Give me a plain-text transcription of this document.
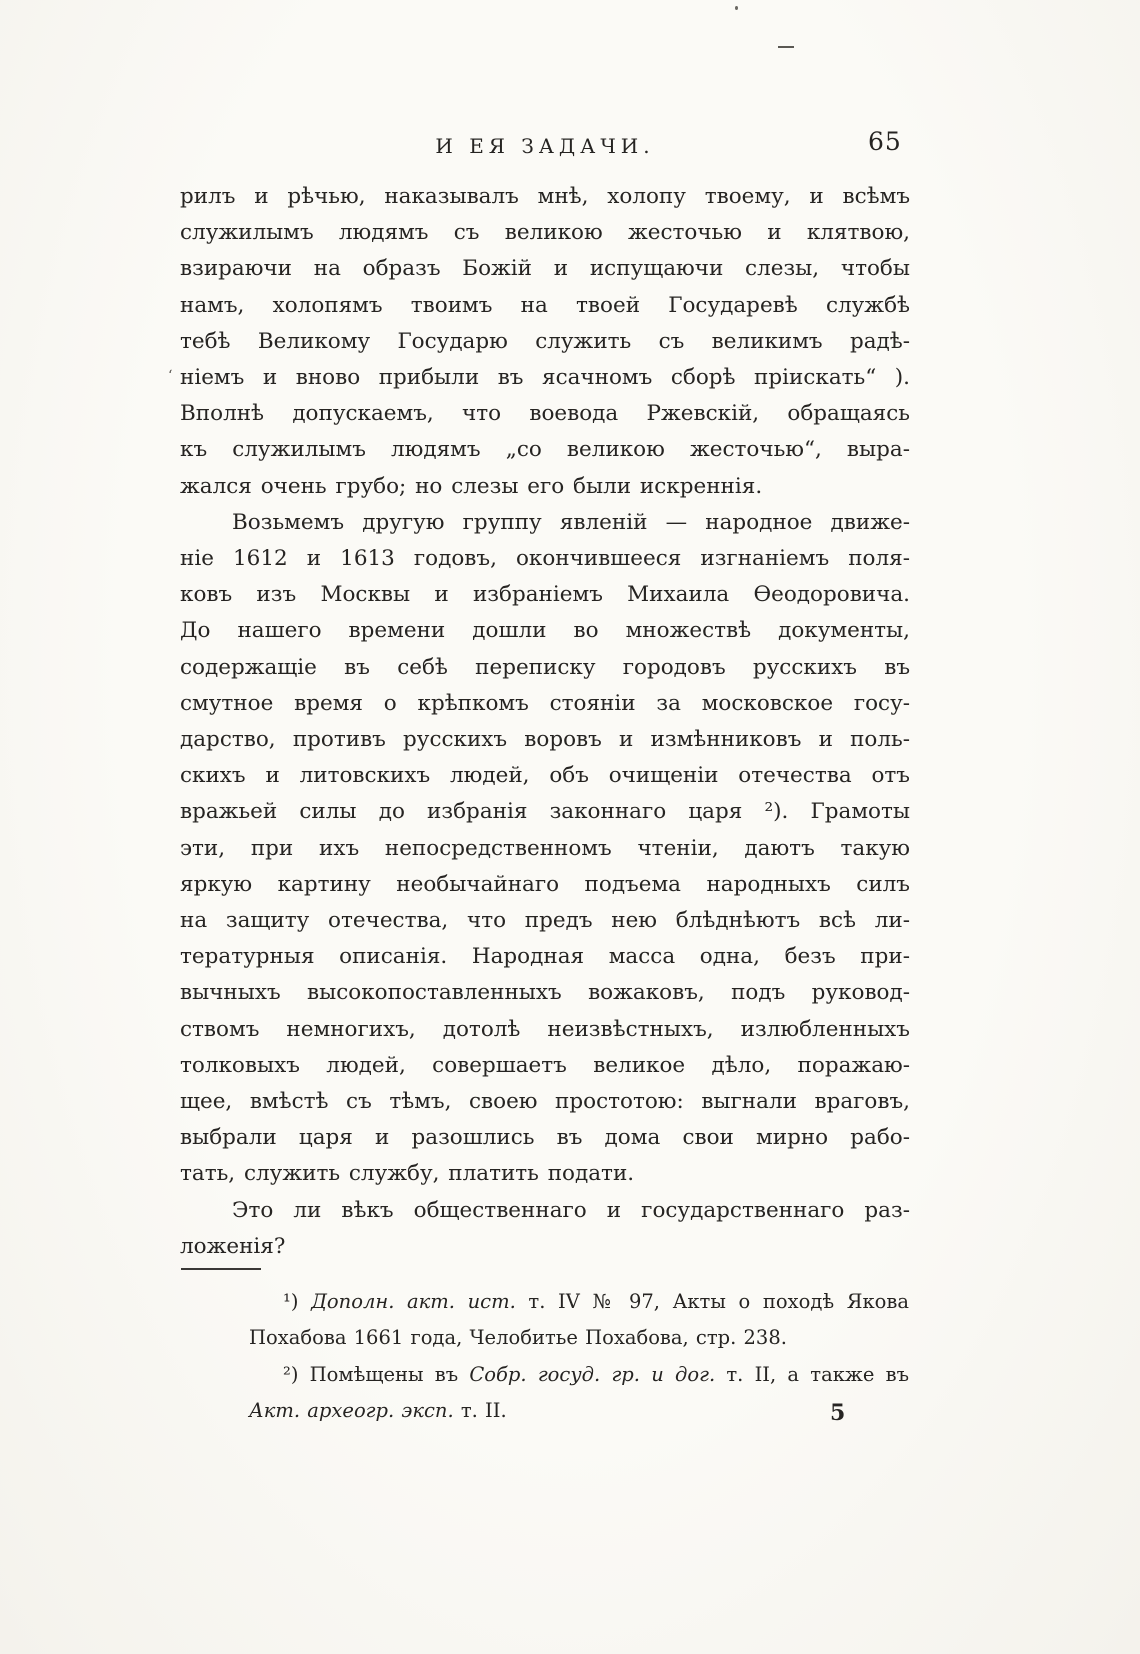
‘
И ЕЯ ЗАДАЧИ.	65
рилъ и рѣчью, наказывалъ мнѣ, холопу твоему, и всѣмъ
служилымъ людямъ съ великою жесточью и клятвою,
взираючи на образъ Божій и испущаючи слезы, чтобы
намъ, холопямъ твоимъ на твоей Государевѣ службѣ
тебѣ Великому Государю служить съ великимъ радѣ-
ніемъ и вново прибыли въ ясачномъ сборѣ пріискать“ ).
Вполнѣ допускаемъ, что воевода Ржевскій, обращаясь
къ служилымъ людямъ „со великою жесточью“, выра-
жался очень грубо; но слезы его были искреннія.
Возьмемъ другую группу явленій — народное движе-
ніе 1612 и 1613 годовъ, окончившееся изгнаніемъ поля-
ковъ изъ Москвы и избраніемъ Михаила Ѳеодоровича.
До нашего времени дошли во множествѣ документы,
содержащіе въ себѣ переписку городовъ русскихъ въ
смутное время о крѣпкомъ стояніи за московское госу-
дарство, противъ русскихъ воровъ и измѣнниковъ и поль-
скихъ и литовскихъ людей, объ очищеніи отечества отъ
вражьей силы до избранія законнаго царя ²). Грамоты
эти, при ихъ непосредственномъ чтеніи, даютъ такую
яркую картину необычайнаго подъема народныхъ силъ
на защиту отечества, что предъ нею блѣднѣютъ всѣ ли-
тературныя описанія. Народная масса одна, безъ при-
вычныхъ высокопоставленныхъ вожаковъ, подъ руковод-
ствомъ немногихъ, дотолѣ неизвѣстныхъ, излюбленныхъ
толковыхъ людей, совершаетъ великое дѣло, поражаю-
щее, вмѣстѣ съ тѣмъ, своею простотою: выгнали враговъ,
выбрали царя и разошлись въ дома свои мирно рабо-
тать, служить службу, платить подати.
Это ли вѣкъ общественнаго и государственнаго раз-
ложенія?
¹) Дополн. акт. ист. т. IV № 97, Акты о походѣ Якова
Похабова 1661 года, Челобитье Похабова, стр. 238.
²) Помѣщены въ Собр. госуд. гр. и дог. т. II, а также въ
Акт. археогр. эксп. т. II.	5
